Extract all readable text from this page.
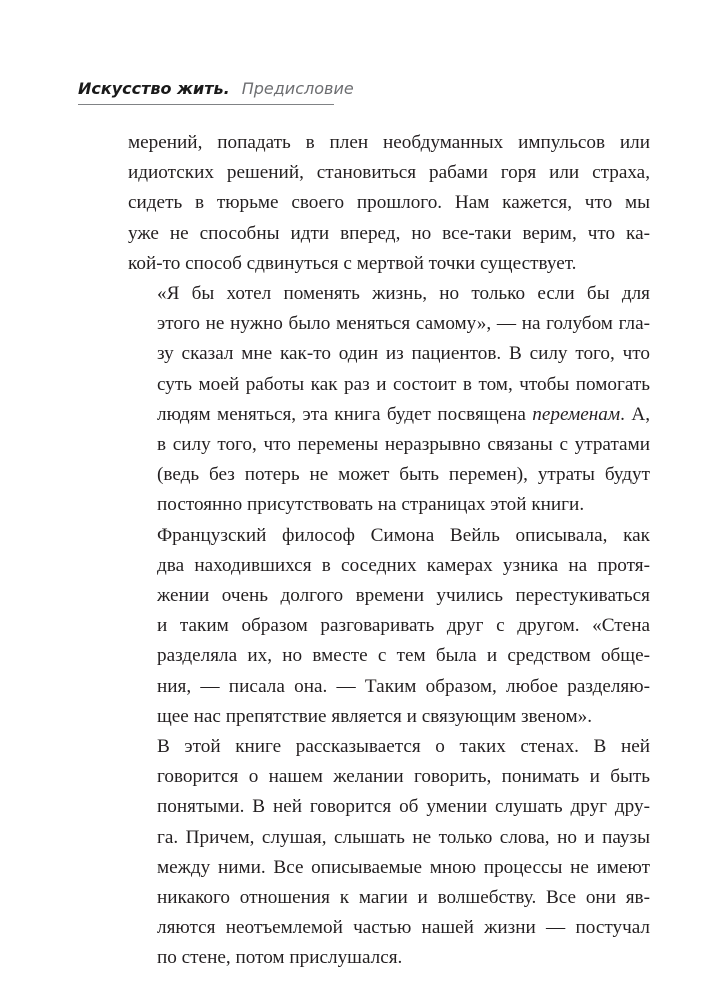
Искусство жить. Предисловие

мерений, попадать в плен необдуманных импульсов или
идиотских решений, становиться рабами горя или страха,
сидеть в тюрьме своего прошлого. Нам кажется, что мы
уже не способны идти вперед, но все-таки верим, что ка-
кой-то способ сдвинуться с мертвой точки существует.

«Я бы хотел поменять жизнь, но только если бы для
этого не нужно было меняться самому», — на голубом гла-
зу сказал мне как-то один из пациентов. В силу того, что
суть моей работы как раз и состоит в том, чтобы помогать
людям меняться, эта книга будет посвящена переменам. А,
в силу того, что перемены неразрывно связаны с утратами
(ведь без потерь не может быть перемен), утраты будут
постоянно присутствовать на страницах этой книги.

Французский философ Симона Вейль описывала, как
два находившихся в соседних камерах узника на протя-
жении очень долгого времени учились перестукиваться
и таким образом разговаривать друг с другом. «Стена
разделяла их, но вместе с тем была и средством обще-
ния, — писала она. — Таким образом, любое разделяю-
щее нас препятствие является и связующим звеном».

В этой книге рассказывается о таких стенах. В ней
говорится о нашем желании говорить, понимать и быть
понятыми. В ней говорится об умении слушать друг дру-
га. Причем, слушая, слышать не только слова, но и паузы
между ними. Все описываемые мною процессы не имеют
никакого отношения к магии и волшебству. Все они яв-
ляются неотъемлемой частью нашей жизни — постучал
по стене, потом прислушался.
